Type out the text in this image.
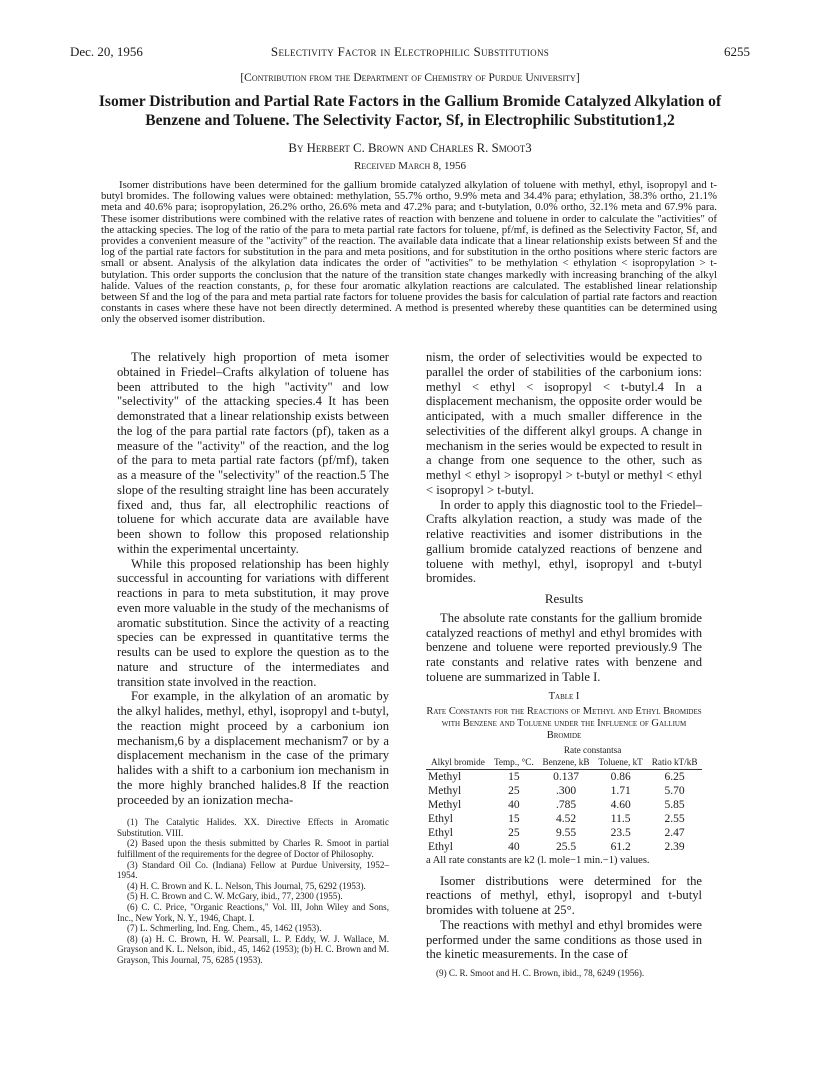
Dec. 20, 1956	Selectivity Factor in Electrophilic Substitutions	6255
[Contribution from the Department of Chemistry of Purdue University]
Isomer Distribution and Partial Rate Factors in the Gallium Bromide Catalyzed Alkylation of Benzene and Toluene. The Selectivity Factor, Sf, in Electrophilic Substitution1,2
By Herbert C. Brown and Charles R. Smoot3
Received March 8, 1956
Isomer distributions have been determined for the gallium bromide catalyzed alkylation of toluene with methyl, ethyl, isopropyl and t-butyl bromides. The following values were obtained: methylation, 55.7% ortho, 9.9% meta and 34.4% para; ethylation, 38.3% ortho, 21.1% meta and 40.6% para; isopropylation, 26.2% ortho, 26.6% meta and 47.2% para; and t-butylation, 0.0% ortho, 32.1% meta and 67.9% para. These isomer distributions were combined with the relative rates of reaction with benzene and toluene in order to calculate the "activities" of the attacking species. The log of the ratio of the para to meta partial rate factors for toluene, pf/mf, is defined as the Selectivity Factor, Sf, and provides a convenient measure of the "activity" of the reaction. The available data indicate that a linear relationship exists between Sf and the log of the partial rate factors for substitution in the para and meta positions, and for substitution in the ortho positions where steric factors are small or absent. Analysis of the alkylation data indicates the order of "activities" to be methylation < ethylation < isopropylation > t-butylation. This order supports the conclusion that the nature of the transition state changes markedly with increasing branching of the alkyl halide. Values of the reaction constants, ρ, for these four aromatic alkylation reactions are calculated. The established linear relationship between Sf and the log of the para and meta partial rate factors for toluene provides the basis for calculation of partial rate factors and reaction constants in cases where these have not been directly determined. A method is presented whereby these quantities can be determined using only the observed isomer distribution.

The relatively high proportion of meta isomer obtained in Friedel–Crafts alkylation of toluene has been attributed to the high "activity" and low "selectivity" of the attacking species.4 It has been demonstrated that a linear relationship exists between the log of the para partial rate factors (pf), taken as a measure of the "activity" of the reaction, and the log of the para to meta partial rate factors (pf/mf), taken as a measure of the "selectivity" of the reaction.5 The slope of the resulting straight line has been accurately fixed and, thus far, all electrophilic reactions of toluene for which accurate data are available have been shown to follow this proposed relationship within the experimental uncertainty.

While this proposed relationship has been highly successful in accounting for variations with different reactions in para to meta substitution, it may prove even more valuable in the study of the mechanisms of aromatic substitution. Since the activity of a reacting species can be expressed in quantitative terms the results can be used to explore the question as to the nature and structure of the intermediates and transition state involved in the reaction.

For example, in the alkylation of an aromatic by the alkyl halides, methyl, ethyl, isopropyl and t-butyl, the reaction might proceed by a carbonium ion mechanism,6 by a displacement mechanism7 or by a displacement mechanism in the case of the primary halides with a shift to a carbonium ion mechanism in the more highly branched halides.8 If the reaction proceeded by an ionization mecha-

(1) The Catalytic Halides. XX. Directive Effects in Aromatic Substitution. VIII.
(2) Based upon the thesis submitted by Charles R. Smoot in partial fulfillment of the requirements for the degree of Doctor of Philosophy.
(3) Standard Oil Co. (Indiana) Fellow at Purdue University, 1952–1954.
(4) H. C. Brown and K. L. Nelson, This Journal, 75, 6292 (1953).
(5) H. C. Brown and C. W. McGary, ibid., 77, 2300 (1955).
(6) C. C. Price, "Organic Reactions," Vol. III, John Wiley and Sons, Inc., New York, N. Y., 1946, Chapt. I.
(7) L. Schmerling, Ind. Eng. Chem., 45, 1462 (1953).
(8) (a) H. C. Brown, H. W. Pearsall, L. P. Eddy, W. J. Wallace, M. Grayson and K. L. Nelson, ibid., 45, 1462 (1953); (b) H. C. Brown and M. Grayson, This Journal, 75, 6285 (1953).

nism, the order of selectivities would be expected to parallel the order of stabilities of the carbonium ions: methyl < ethyl < isopropyl < t-butyl.4 In a displacement mechanism, the opposite order would be anticipated, with a much smaller difference in the selectivities of the different alkyl groups. A change in mechanism in the series would be expected to result in a change from one sequence to the other, such as methyl < ethyl > isopropyl > t-butyl or methyl < ethyl < isopropyl > t-butyl.

In order to apply this diagnostic tool to the Friedel–Crafts alkylation reaction, a study was made of the relative reactivities and isomer distributions in the gallium bromide catalyzed reactions of benzene and toluene with methyl, ethyl, isopropyl and t-butyl bromides.

Results

The absolute rate constants for the gallium bromide catalyzed reactions of methyl and ethyl bromides with benzene and toluene were reported previously.9 The rate constants and relative rates with benzene and toluene are summarized in Table I.

Table I
Rate Constants for the Reactions of Methyl and Ethyl Bromides with Benzene and Toluene under the Influence of Gallium Bromide
		Rate constantsa		
Alkyl bromide	Temp., °C.	Benzene, kB	Toluene, kT	Ratio kT/kB
Methyl	15	0.137	0.86	6.25
Methyl	25	.300	1.71	5.70
Methyl	40	.785	4.60	5.85
Ethyl	15	4.52	11.5	2.55
Ethyl	25	9.55	23.5	2.47
Ethyl	40	25.5	61.2	2.39
a All rate constants are k2 (l. mole−1 min.−1) values.

Isomer distributions were determined for the reactions of methyl, ethyl, isopropyl and t-butyl bromides with toluene at 25°.

The reactions with methyl and ethyl bromides were performed under the same conditions as those used in the kinetic measurements. In the case of

(9) C. R. Smoot and H. C. Brown, ibid., 78, 6249 (1956).
